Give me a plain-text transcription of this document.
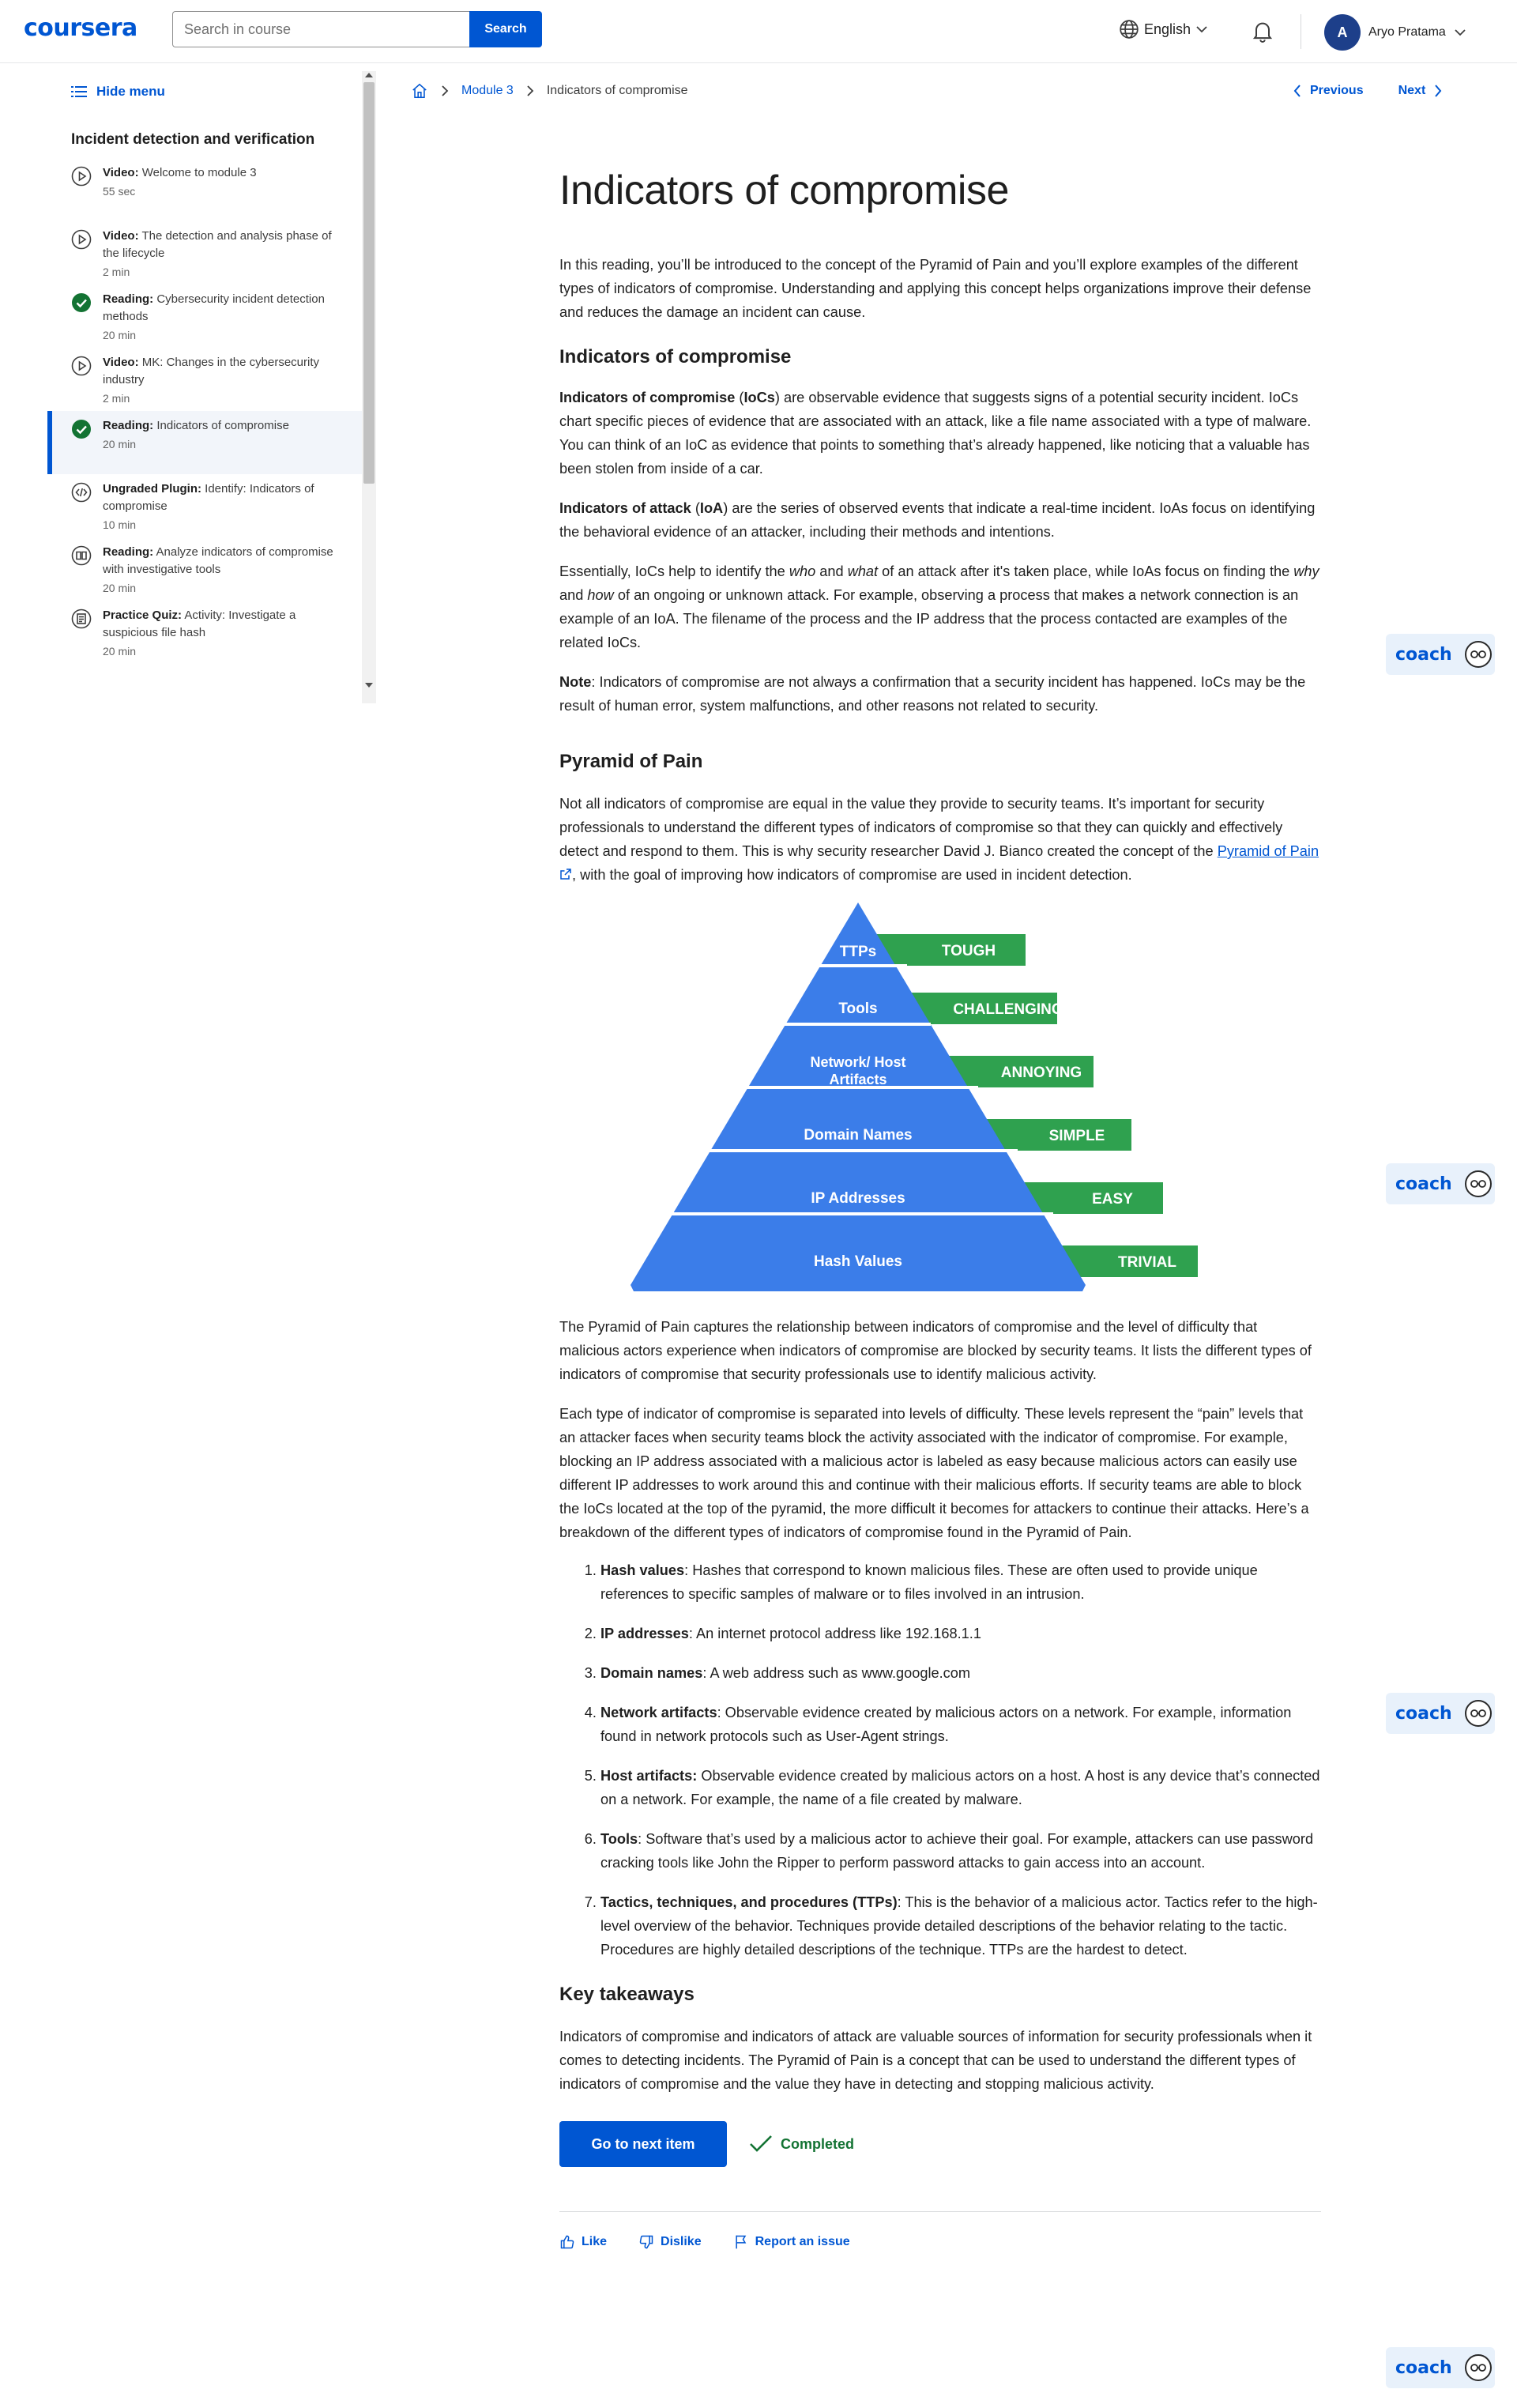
coursera
Search in course	Search	English	A	Aryo Pratama
Hide menu
Incident detection and verification
Video: Welcome to module 3
55 sec
Video: The detection and analysis phase of the lifecycle
2 min
Reading: Cybersecurity incident detection methods
20 min
Video: MK: Changes in the cybersecurity industry
2 min
Reading: Indicators of compromise
20 min
Ungraded Plugin: Identify: Indicators of compromise
10 min
Reading: Analyze indicators of compromise with investigative tools
20 min
Practice Quiz: Activity: Investigate a suspicious file hash
20 min
Module 3	Indicators of compromise	Previous	Next
Indicators of compromise

In this reading, you’ll be introduced to the concept of the Pyramid of Pain and you’ll explore examples of the different types of indicators of compromise. Understanding and applying this concept helps organizations improve their defense and reduces the damage an incident can cause.

Indicators of compromise

Indicators of compromise (IoCs) are observable evidence that suggests signs of a potential security incident. IoCs chart specific pieces of evidence that are associated with an attack, like a file name associated with a type of malware. You can think of an IoC as evidence that points to something that’s already happened, like noticing that a valuable has been stolen from inside of a car.

Indicators of attack (IoA) are the series of observed events that indicate a real-time incident. IoAs focus on identifying the behavioral evidence of an attacker, including their methods and intentions.

Essentially, IoCs help to identify the who and what of an attack after it's taken place, while IoAs focus on finding the why and how of an ongoing or unknown attack. For example, observing a process that makes a network connection is an example of an IoA. The filename of the process and the IP address that the process contacted are examples of the related IoCs.

Note: Indicators of compromise are not always a confirmation that a security incident has happened. IoCs may be the result of human error, system malfunctions, and other reasons not related to security.

Pyramid of Pain

Not all indicators of compromise are equal in the value they provide to security teams. It’s important for security professionals to understand the different types of indicators of compromise so that they can quickly and effectively detect and respond to them. This is why security researcher David J. Bianco created the concept of the Pyramid of Pain , with the goal of improving how indicators of compromise are used in incident detection.

TTPs
Tools
Network/ Host Artifacts
Domain Names
IP Addresses
Hash Values
TOUGH
CHALLENGING
ANNOYING
SIMPLE
EASY
TRIVIAL

The Pyramid of Pain captures the relationship between indicators of compromise and the level of difficulty that malicious actors experience when indicators of compromise are blocked by security teams. It lists the different types of indicators of compromise that security professionals use to identify malicious activity.

Each type of indicator of compromise is separated into levels of difficulty. These levels represent the “pain” levels that an attacker faces when security teams block the activity associated with the indicator of compromise. For example, blocking an IP address associated with a malicious actor is labeled as easy because malicious actors can easily use different IP addresses to work around this and continue with their malicious efforts. If security teams are able to block the IoCs located at the top of the pyramid, the more difficult it becomes for attackers to continue their attacks. Here’s a breakdown of the different types of indicators of compromise found in the Pyramid of Pain.

1. Hash values: Hashes that correspond to known malicious files. These are often used to provide unique references to specific samples of malware or to files involved in an intrusion.
2. IP addresses: An internet protocol address like 192.168.1.1
3. Domain names: A web address such as www.google.com
4. Network artifacts: Observable evidence created by malicious actors on a network. For example, information found in network protocols such as User-Agent strings.
5. Host artifacts: Observable evidence created by malicious actors on a host. A host is any device that’s connected on a network. For example, the name of a file created by malware.
6. Tools: Software that’s used by a malicious actor to achieve their goal. For example, attackers can use password cracking tools like John the Ripper to perform password attacks to gain access into an account.
7. Tactics, techniques, and procedures (TTPs): This is the behavior of a malicious actor. Tactics refer to the high-level overview of the behavior. Techniques provide detailed descriptions of the behavior relating to the tactic. Procedures are highly detailed descriptions of the technique. TTPs are the hardest to detect.
Key takeaways

Indicators of compromise and indicators of attack are valuable sources of information for security professionals when it comes to detecting incidents. The Pyramid of Pain is a concept that can be used to understand the different types of indicators of compromise and the value they have in detecting and stopping malicious activity.

Go to next item	Completed
Like	Dislike	Report an issue
coach
coach
coach
coach
